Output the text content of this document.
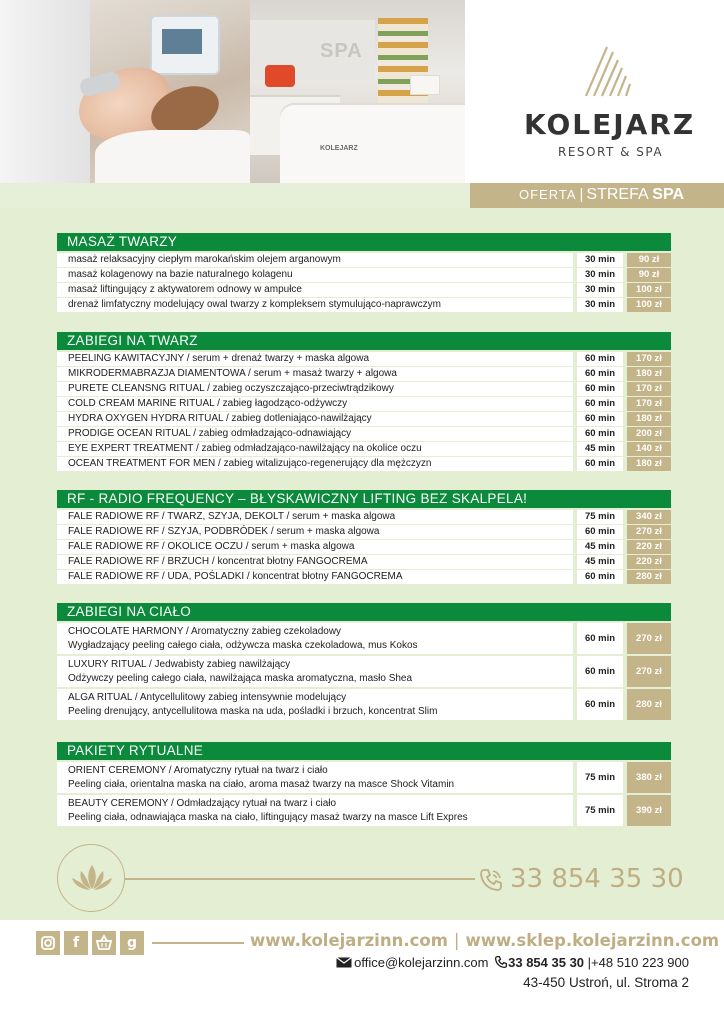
SPA
KOLEJARZ
KOLEJARZ
RESORT & SPA
OFERTA | STREFA SPA
MASAŻ TWARZY
masaż relaksacyjny ciepłym marokańskim olejem arganowym	30 min	90 zł
masaż kolagenowy na bazie naturalnego kolagenu	30 min	90 zł
masaż liftingujący z aktywatorem odnowy w ampułce	30 min	100 zł
drenaż limfatyczny modelujący owal twarzy z kompleksem stymulująco-naprawczym	30 min	100 zł
ZABIEGI NA TWARZ
PEELING KAWITACYJNY / serum + drenaż twarzy + maska algowa	60 min	170 zł
MIKRODERMABRAZJA DIAMENTOWA / serum + masaż twarzy + algowa	60 min	180 zł
PURETE CLEANSNG RITUAL / zabieg oczyszczająco-przeciwtrądzikowy	60 min	170 zł
COLD CREAM MARINE RITUAL / zabieg łagodząco-odżywczy	60 min	170 zł
HYDRA OXYGEN HYDRA RITUAL / zabieg dotleniająco-nawilżający	60 min	180 zł
PRODIGE OCEAN RITUAL / zabieg odmładzająco-odnawiający	60 min	200 zł
EYE EXPERT TREATMENT / zabieg odmładzająco-nawilżający na okolice oczu	45 min	140 zł
OCEAN TREATMENT FOR MEN / zabieg witalizująco-regenerujący dla mężczyzn	60 min	180 zł
RF - RADIO FREQUENCY – BŁYSKAWICZNY LIFTING BEZ SKALPELA!
FALE RADIOWE RF / TWARZ, SZYJA, DEKOLT / serum + maska algowa	75 min	340 zł
FALE RADIOWE RF / SZYJA, PODBRÓDEK / serum + maska algowa	60 min	270 zł
FALE RADIOWE RF / OKOLICE OCZU / serum + maska algowa	45 min	220 zł
FALE RADIOWE RF / BRZUCH / koncentrat błotny FANGOCREMA	45 min	220 zł
FALE RADIOWE RF / UDA, POŚLADKI / koncentrat błotny FANGOCREMA	60 min	280 zł
ZABIEGI NA CIAŁO
CHOCOLATE HARMONY / Aromatyczny zabieg czekoladowy
Wygładzający peeling całego ciała, odżywcza maska czekoladowa, mus Kokos
60 min	270 zł
LUXURY RITUAL / Jedwabisty zabieg nawilżający
Odżywczy peeling całego ciała, nawilżająca maska aromatyczna, masło Shea
60 min	270 zł
ALGA RITUAL / Antycellulitowy zabieg intensywnie modelujący
Peeling drenujący, antycellulitowa maska na uda, pośladki i brzuch, koncentrat Slim
60 min	280 zł
PAKIETY RYTUALNE
ORIENT CEREMONY / Aromatyczny rytuał na twarz i ciało
Peeling ciała, orientalna maska na ciało, aroma masaż twarzy na masce Shock Vitamin
75 min	380 zł
BEAUTY CEREMONY / Odmładzający rytuał na twarz i ciało
Peeling ciała, odnawiająca maska na ciało, liftingujący masaż twarzy na masce Lift Expres
75 min	390 zł
33 854 35 30
f	g	www.kolejarzinn.com | www.sklep.kolejarzinn.com
office@kolejarzinn.com 33 854 35 30 |+48 510 223 900
43-450 Ustroń, ul. Stroma 2
